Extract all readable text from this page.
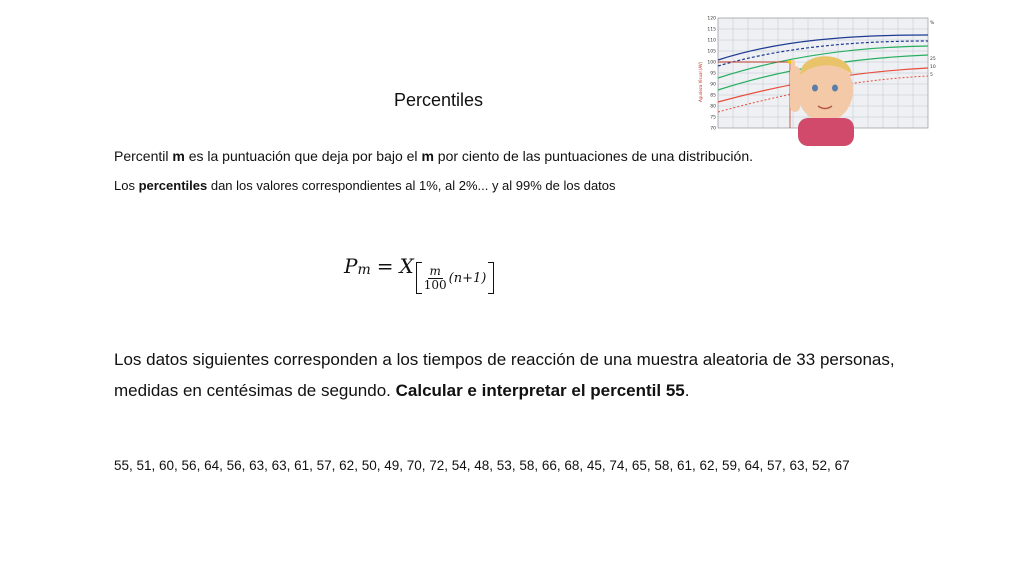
Percentiles
Percentil m es la puntuación que deja por bajo el m por ciento de las puntuaciones de una distribución.
Los percentiles dan los valores correspondientes al 1%, al 2%... y al 99% de los datos
P m = X $\frac{m}{100} (n+1)$
Los datos siguientes corresponden a los tiempos de reacción de una muestra aleatoria de 33 personas, medidas en centésimas de segundo. Calcular e interpretar el percentil 55.
55, 51, 60, 56, 64, 56, 63, 63, 61, 57, 62, 50, 49, 70, 72, 54, 48, 53, 58, 66, 68, 45, 74, 65, 58, 61, 62, 59, 64, 57, 63, 52, 67
Agudeza Visual (AV)
120
115
110
105
100
95
90
85
80
75
70
%
25
10
5
